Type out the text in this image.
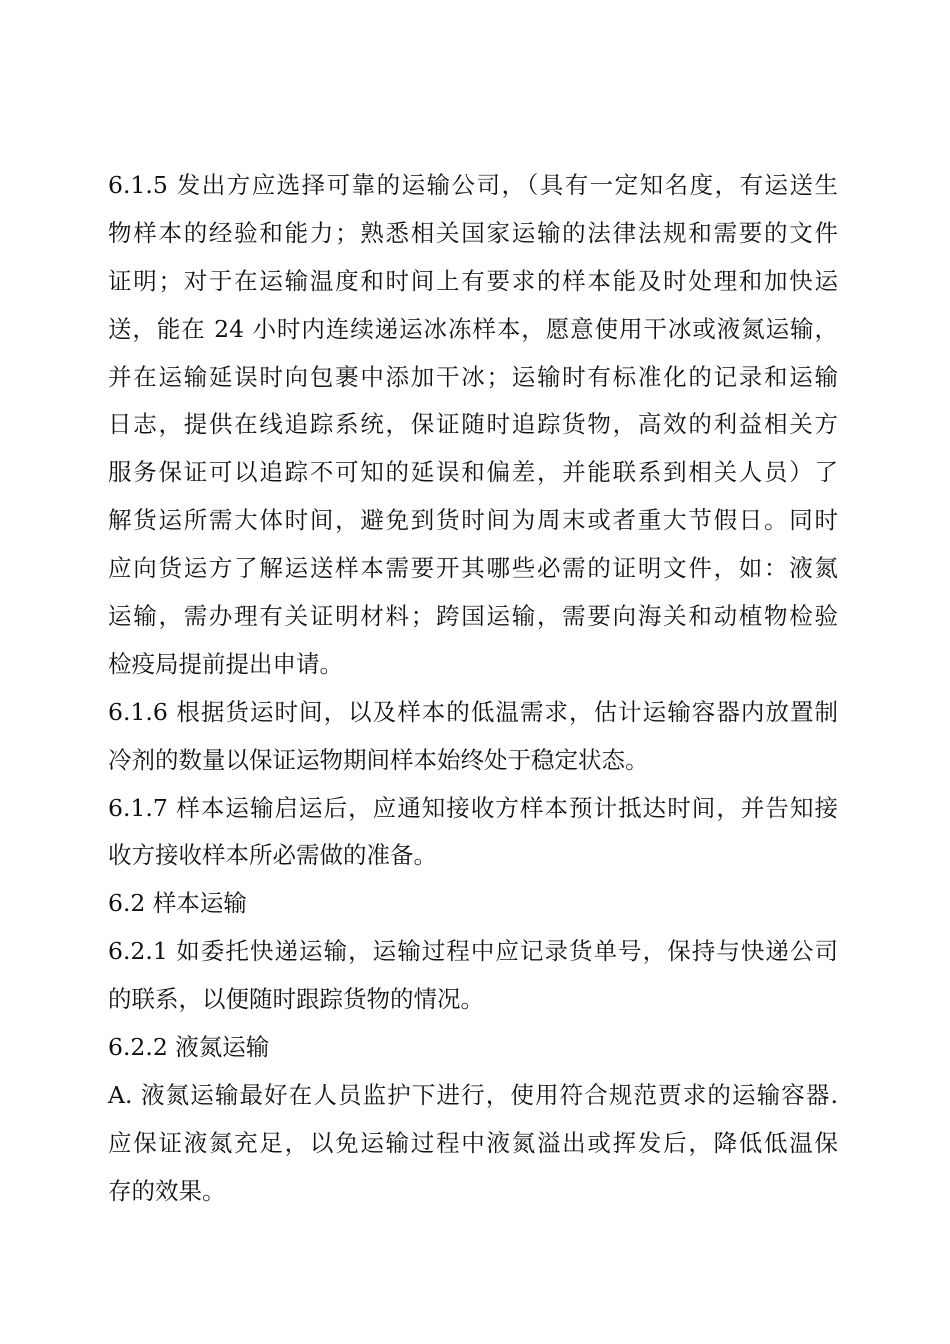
6.1.5 发出方应选择可靠的运输公司，（具有一定知名度，有运送生
物样本的经验和能力；熟悉相关国家运输的法律法规和需要的文件
证明；对于在运输温度和时间上有要求的样本能及时处理和加快运
送，能在 24 小时内连续递运冰冻样本，愿意使用干冰或液氮运输，
并在运输延误时向包裹中添加干冰；运输时有标准化的记录和运输
日志，提供在线追踪系统，保证随时追踪货物，高效的利益相关方
服务保证可以追踪不可知的延误和偏差，并能联系到相关人员）了
解货运所需大体时间，避免到货时间为周末或者重大节假日。同时
应向货运方了解运送样本需要开其哪些必需的证明文件，如：液氮
运输，需办理有关证明材料；跨国运输，需要向海关和动植物检验
检疫局提前提出申请。
6.1.6 根据货运时间，以及样本的低温需求，估计运输容器内放置制
冷剂的数量以保证运物期间样本始终处于稳定状态。
6.1.7 样本运输启运后，应通知接收方样本预计抵达时间，并告知接
收方接收样本所必需做的准备。
6.2 样本运输
6.2.1 如委托快递运输，运输过程中应记录货单号，保持与快递公司
的联系，以便随时跟踪货物的情况。
6.2.2 液氮运输
A. 液氮运输最好在人员监护下进行，使用符合规范贾求的运输容器.
应保证液氮充足，以免运输过程中液氮溢出或挥发后，降低低温保
存的效果。
